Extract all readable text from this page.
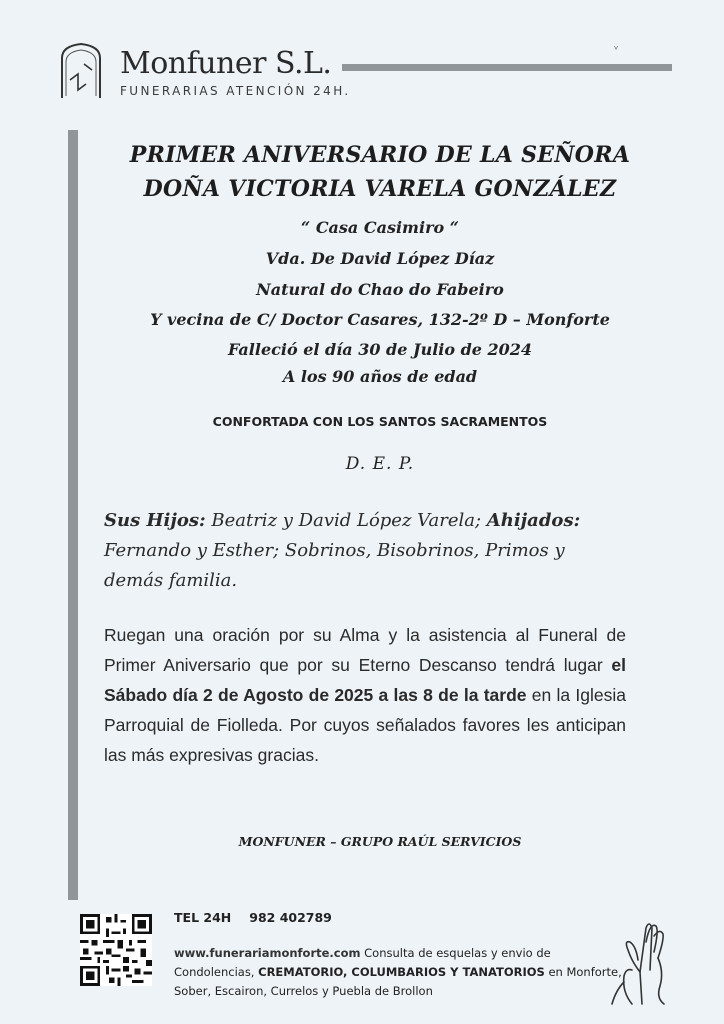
Monfuner S.L.
FUNERARIAS ATENCIÓN 24H.
ᵛ
PRIMER ANIVERSARIO DE LA SEÑORA
DOÑA VICTORIA VARELA GONZÁLEZ
“ Casa Casimiro “
Vda. De David López Díaz
Natural do Chao do Fabeiro
Y vecina de C/ Doctor Casares, 132-2º D – Monforte
Falleció el día 30 de Julio de 2024
A los 90 años de edad
CONFORTADA CON LOS SANTOS SACRAMENTOS
D. E. P.
Sus Hijos: Beatriz y David López Varela; Ahijados: Fernando y Esther; Sobrinos, Bisobrinos, Primos y demás familia.
Ruegan una oración por su Alma y la asistencia al Funeral de Primer Aniversario que por su Eterno Descanso tendrá lugar el Sábado día 2 de Agosto de 2025 a las 8 de la tarde en la Iglesia Parroquial de Fiolleda. Por cuyos señalados favores les anticipan las más expresivas gracias.
MONFUNER – GRUPO RAÚL SERVICIOS
TEL 24H 982 402789
www.funerariamonforte.com Consulta de esquelas y envio de Condolencias, CREMATORIO, COLUMBARIOS Y TANATORIOS en Monforte, Sober, Escairon, Currelos y Puebla de Brollon
